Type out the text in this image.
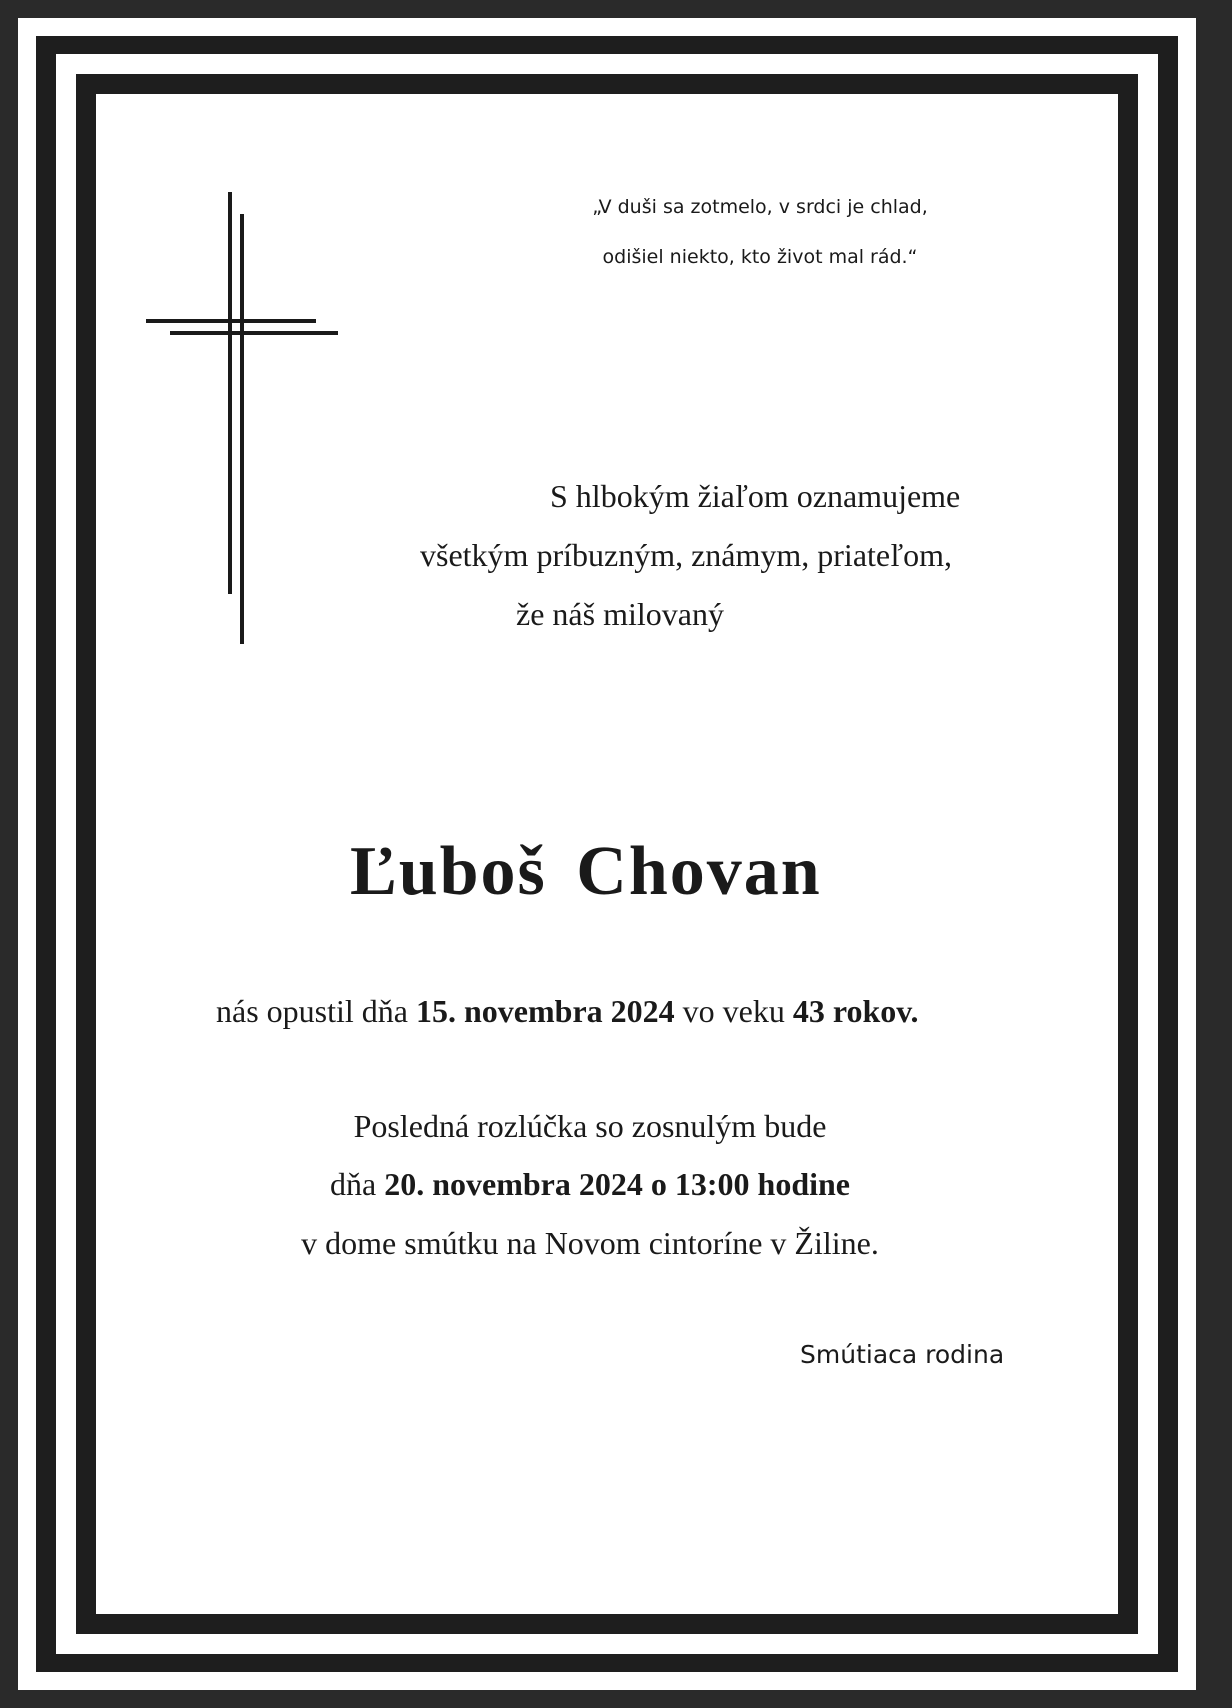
„V duši sa zotmelo, v srdci je chlad,

odišiel niekto, kto život mal rád.“

S hlbokým žiaľom oznamujeme

všetkým príbuzným, známym, priateľom,

že náš milovaný

Ľuboš Chovan

nás opustil dňa 15. novembra 2024 vo veku 43 rokov.

Posledná rozlúčka so zosnulým bude

dňa 20. novembra 2024 o 13:00 hodine

v dome smútku na Novom cintoríne v Žiline.

Smútiaca rodina
